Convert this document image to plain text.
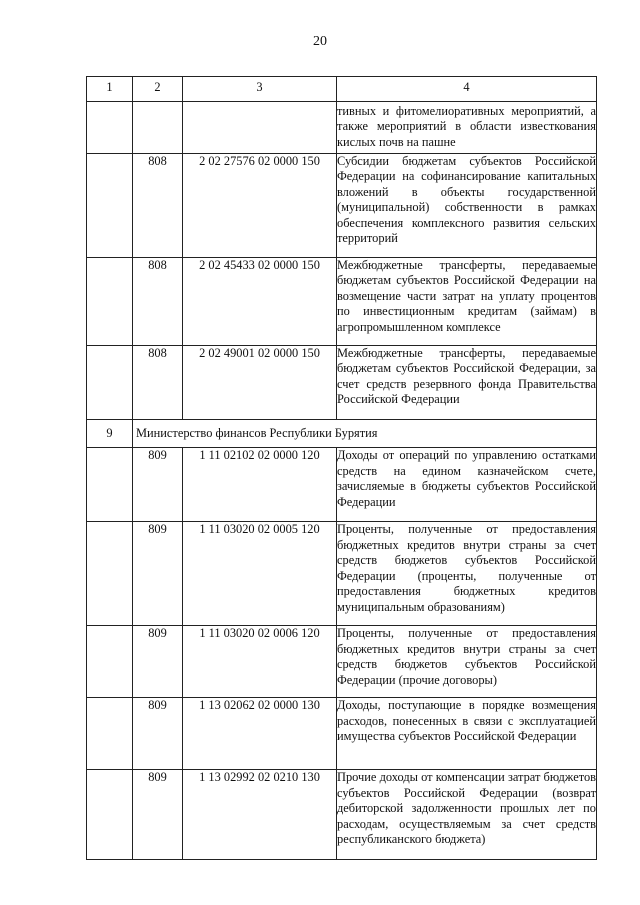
20
1	2	3	4
			тивных и фитомелиоративных мероприятий, а также мероприятий в области известкования кислых почв на пашне
	808	2 02 27576 02 0000 150	Субсидии бюджетам субъектов Российской Федерации на софинансирование капитальных вложений в объекты государственной (муниципальной) собственности в рамках обеспечения комплексного развития сельских территорий
	808	2 02 45433 02 0000 150	Межбюджетные трансферты, передаваемые бюджетам субъектов Российской Федерации на возмещение части затрат на уплату процентов по инвестиционным кредитам (займам) в агропромышленном комплексе
	808	2 02 49001 02 0000 150	Межбюджетные трансферты, передаваемые бюджетам субъектов Российской Федерации, за счет средств резервного фонда Правительства Российской Федерации
9	Министерство финансов Республики Бурятия		
	809	1 11 02102 02 0000 120	Доходы от операций по управлению остатками средств на едином казначейском счете, зачисляемые в бюджеты субъектов Российской Федерации
	809	1 11 03020 02 0005 120	Проценты, полученные от предоставления бюджетных кредитов внутри страны за счет средств бюджетов субъектов Российской Федерации (проценты, полученные от предоставления бюджетных кредитов муниципальным образованиям)
	809	1 11 03020 02 0006 120	Проценты, полученные от предоставления бюджетных кредитов внутри страны за счет средств бюджетов субъектов Российской Федерации (прочие договоры)
	809	1 13 02062 02 0000 130	Доходы, поступающие в порядке возмещения расходов, понесенных в связи с эксплуатацией имущества субъектов Российской Федерации
	809	1 13 02992 02 0210 130	Прочие доходы от компенсации затрат бюджетов субъектов Российской Федерации (возврат дебиторской задолженности прошлых лет по расходам, осуществляемым за счет средств республиканского бюджета)
